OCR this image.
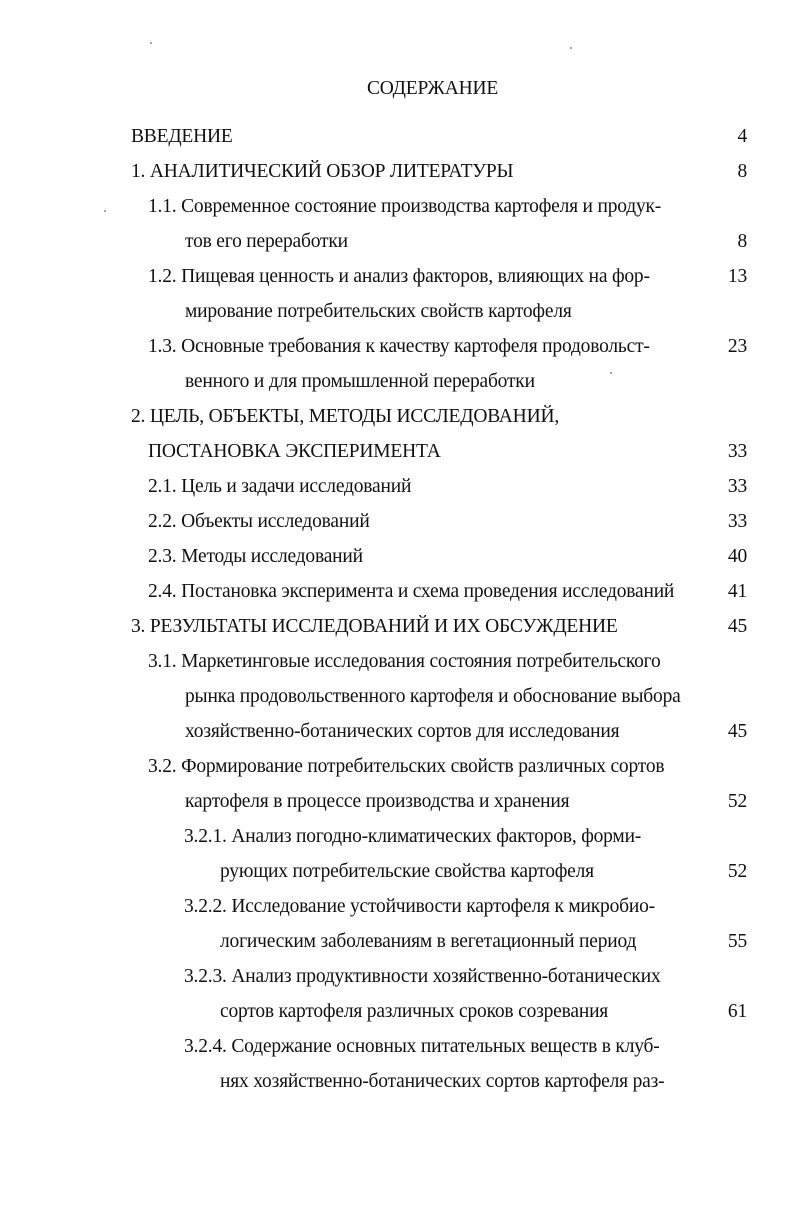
СОДЕРЖАНИЕ
ВВЕДЕНИЕ	4
1. АНАЛИТИЧЕСКИЙ ОБЗОР ЛИТЕРАТУРЫ	8
1.1. Современное состояние производства картофеля и продук-
тов его переработки	8
1.2. Пищевая ценность и анализ факторов, влияющих на фор-	13
мирование потребительских свойств картофеля
1.3. Основные требования к качеству картофеля продовольст-	23
венного и для промышленной переработки
2. ЦЕЛЬ, ОБЪЕКТЫ, МЕТОДЫ ИССЛЕДОВАНИЙ,
ПОСТАНОВКА ЭКСПЕРИМЕНТА	33
2.1. Цель и задачи исследований	33
2.2. Объекты исследований	33
2.3. Методы исследований	40
2.4. Постановка эксперимента и схема проведения исследований	41
3. РЕЗУЛЬТАТЫ ИССЛЕДОВАНИЙ И ИХ ОБСУЖДЕНИЕ	45
3.1. Маркетинговые исследования состояния потребительского
рынка продовольственного картофеля и обоснование выбора
хозяйственно-ботанических сортов для исследования	45
3.2. Формирование потребительских свойств различных сортов
картофеля в процессе производства и хранения	52
3.2.1. Анализ погодно-климатических факторов, форми-
рующих потребительские свойства картофеля	52
3.2.2. Исследование устойчивости картофеля к микробио-
логическим заболеваниям в вегетационный период	55
3.2.3. Анализ продуктивности хозяйственно-ботанических
сортов картофеля различных сроков созревания	61
3.2.4. Содержание основных питательных веществ в клуб-
нях хозяйственно-ботанических сортов картофеля раз-
